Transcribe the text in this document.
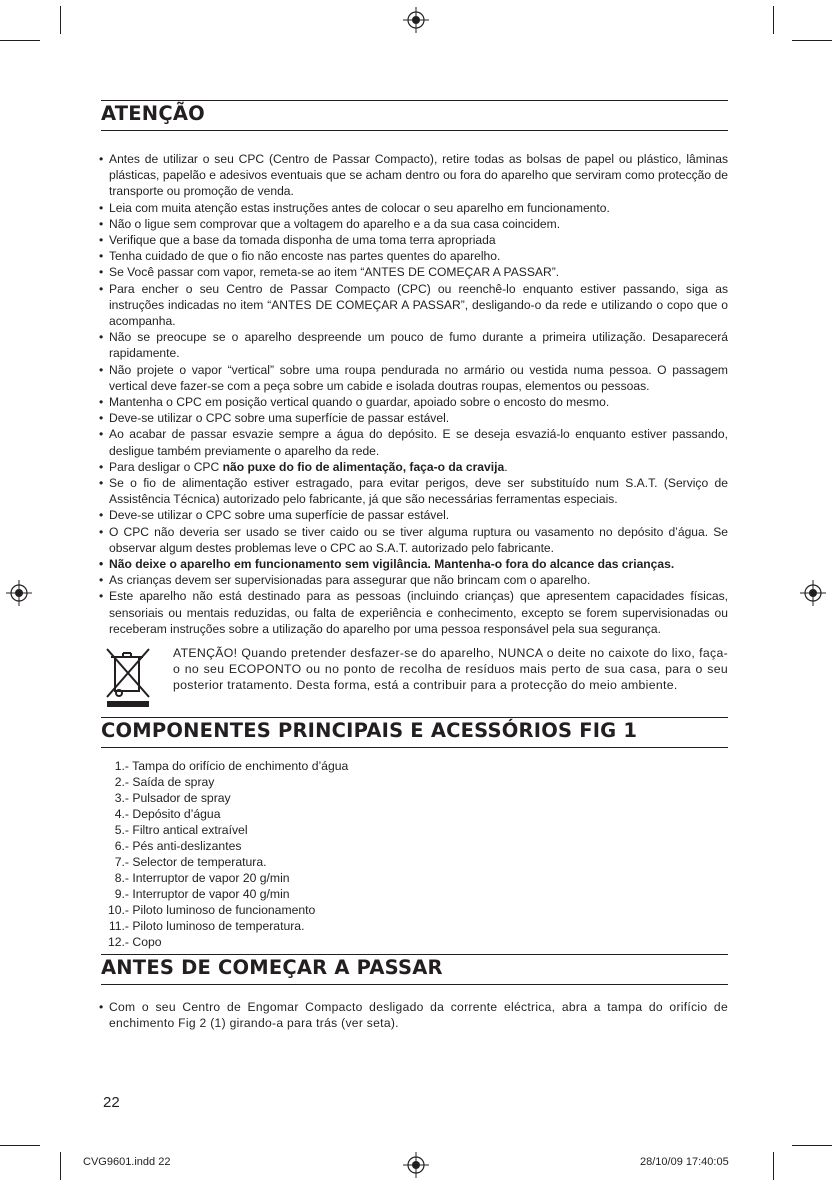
ATENÇÃO
• Antes de utilizar o seu CPC (Centro de Passar Compacto), retire todas as bolsas de papel ou plástico, lâminas plásticas, papelão e adesivos eventuais que se acham dentro ou fora do aparelho que serviram como protecção de transporte ou promoção de venda.
• Leia com muita atenção estas instruções antes de colocar o seu aparelho em funcionamento.
• Não o ligue sem comprovar que a voltagem do aparelho e a da sua casa coincidem.
• Verifique que a base da tomada disponha de uma toma terra apropriada
• Tenha cuidado de que o fio não encoste nas partes quentes do aparelho.
• Se Você passar com vapor, remeta-se ao item “ANTES DE COMEÇAR A PASSAR”.
• Para encher o seu Centro de Passar Compacto (CPC) ou reenchê-lo enquanto estiver passando, siga as instruções indicadas no item “ANTES DE COMEÇAR A PASSAR”, desligando-o da rede e utilizando o copo que o acompanha.
• Não se preocupe se o aparelho despreende um pouco de fumo durante a primeira utilização. Desaparecerá rapidamente.
• Não projete o vapor “vertical” sobre uma roupa pendurada no armário ou vestida numa pessoa. O passagem vertical deve fazer-se com a peça sobre um cabide e isolada doutras roupas, elementos ou pessoas.
• Mantenha o CPC em posição vertical quando o guardar, apoiado sobre o encosto do mesmo.
• Deve-se utilizar o CPC sobre uma superfície de passar estável.
• Ao acabar de passar esvazie sempre a água do depósito. E se deseja esvaziá-lo enquanto estiver passando, desligue também previamente o aparelho da rede.
• Para desligar o CPC não puxe do fio de alimentação, faça-o da cravija.
• Se o fio de alimentação estiver estragado, para evitar perigos, deve ser substituído num S.A.T. (Serviço de Assistência Técnica) autorizado pelo fabricante, já que são necessárias ferramentas especiais.
• Deve-se utilizar o CPC sobre uma superfície de passar estável.
• O CPC não deveria ser usado se tiver caido ou se tiver alguma ruptura ou vasamento no depósito d’água. Se observar algum destes problemas leve o CPC ao S.A.T. autorizado pelo fabricante.
• Não deixe o aparelho em funcionamento sem vigilância. Mantenha-o fora do alcance das crianças.
• As crianças devem ser supervisionadas para assegurar que não brincam com o aparelho.
• Este aparelho não está destinado para as pessoas (incluindo crianças) que apresentem capacidades físicas, sensoriais ou mentais reduzidas, ou falta de experiência e conhecimento, excepto se forem supervisionadas ou receberam instruções sobre a utilização do aparelho por uma pessoa responsável pela sua segurança.

ATENÇÃO! Quando pretender desfazer-se do aparelho, NUNCA o deite no caixote do lixo, faça-o no seu ECOPONTO ou no ponto de recolha de resíduos mais perto de sua casa, para o seu posterior tratamento. Desta forma, está a contribuir para a protecção do meio ambiente.

COMPONENTES PRINCIPAIS E ACESSÓRIOS FIG 1
1.- Tampa do orifício de enchimento d’água
2.- Saída de spray
3.- Pulsador de spray
4.- Depósito d’água
5.- Filtro antical extraível
6.- Pés anti-deslizantes
7.- Selector de temperatura.
8.- Interruptor de vapor 20 g/min
9.- Interruptor de vapor 40 g/min
10.- Piloto luminoso de funcionamento
11.- Piloto luminoso de temperatura.
12.- Copo
ANTES DE COMEÇAR A PASSAR
• Com o seu Centro de Engomar Compacto desligado da corrente eléctrica, abra a tampa do orifício de enchimento Fig 2 (1) girando-a para trás (ver seta).
22
CVG9601.indd 22	28/10/09 17:40:05
